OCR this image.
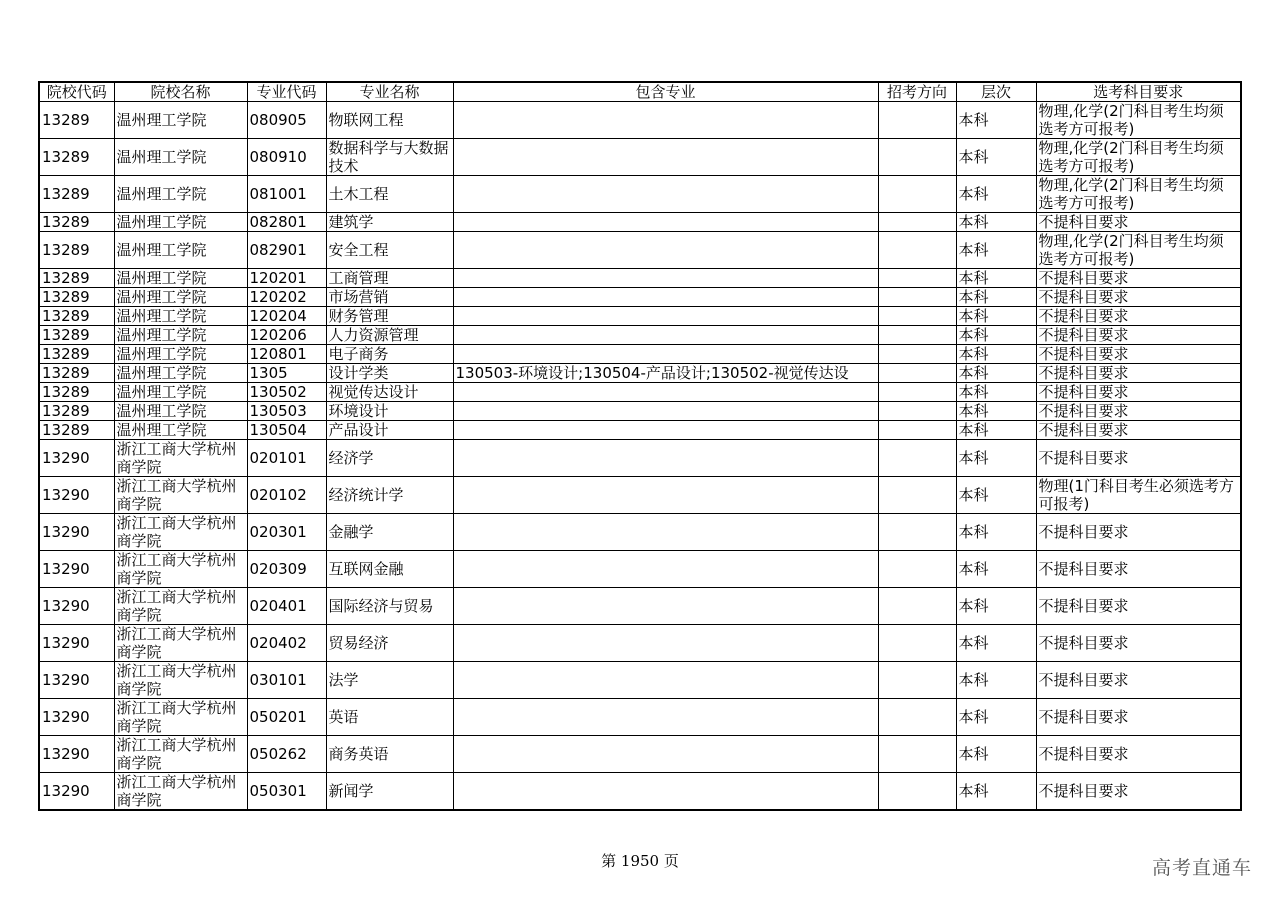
院校代码	院校名称	专业代码	专业名称	包含专业	招考方向	层次	选考科目要求
13289	温州理工学院	080905	物联网工程			本科	物理,化学(2门科目考生均须选考方可报考)
13289	温州理工学院	080910	数据科学与大数据技术			本科	物理,化学(2门科目考生均须选考方可报考)
13289	温州理工学院	081001	土木工程			本科	物理,化学(2门科目考生均须选考方可报考)
13289	温州理工学院	082801	建筑学			本科	不提科目要求
13289	温州理工学院	082901	安全工程			本科	物理,化学(2门科目考生均须选考方可报考)
13289	温州理工学院	120201	工商管理			本科	不提科目要求
13289	温州理工学院	120202	市场营销			本科	不提科目要求
13289	温州理工学院	120204	财务管理			本科	不提科目要求
13289	温州理工学院	120206	人力资源管理			本科	不提科目要求
13289	温州理工学院	120801	电子商务			本科	不提科目要求
13289	温州理工学院	1305	设计学类	130503-环境设计;130504-产品设计;130502-视觉传达设		本科	不提科目要求
13289	温州理工学院	130502	视觉传达设计			本科	不提科目要求
13289	温州理工学院	130503	环境设计			本科	不提科目要求
13289	温州理工学院	130504	产品设计			本科	不提科目要求
13290	浙江工商大学杭州商学院	020101	经济学			本科	不提科目要求
13290	浙江工商大学杭州商学院	020102	经济统计学			本科	物理(1门科目考生必须选考方可报考)
13290	浙江工商大学杭州商学院	020301	金融学			本科	不提科目要求
13290	浙江工商大学杭州商学院	020309	互联网金融			本科	不提科目要求
13290	浙江工商大学杭州商学院	020401	国际经济与贸易			本科	不提科目要求
13290	浙江工商大学杭州商学院	020402	贸易经济			本科	不提科目要求
13290	浙江工商大学杭州商学院	030101	法学			本科	不提科目要求
13290	浙江工商大学杭州商学院	050201	英语			本科	不提科目要求
13290	浙江工商大学杭州商学院	050262	商务英语			本科	不提科目要求
13290	浙江工商大学杭州商学院	050301	新闻学			本科	不提科目要求
第 1950 页	高考直通车
